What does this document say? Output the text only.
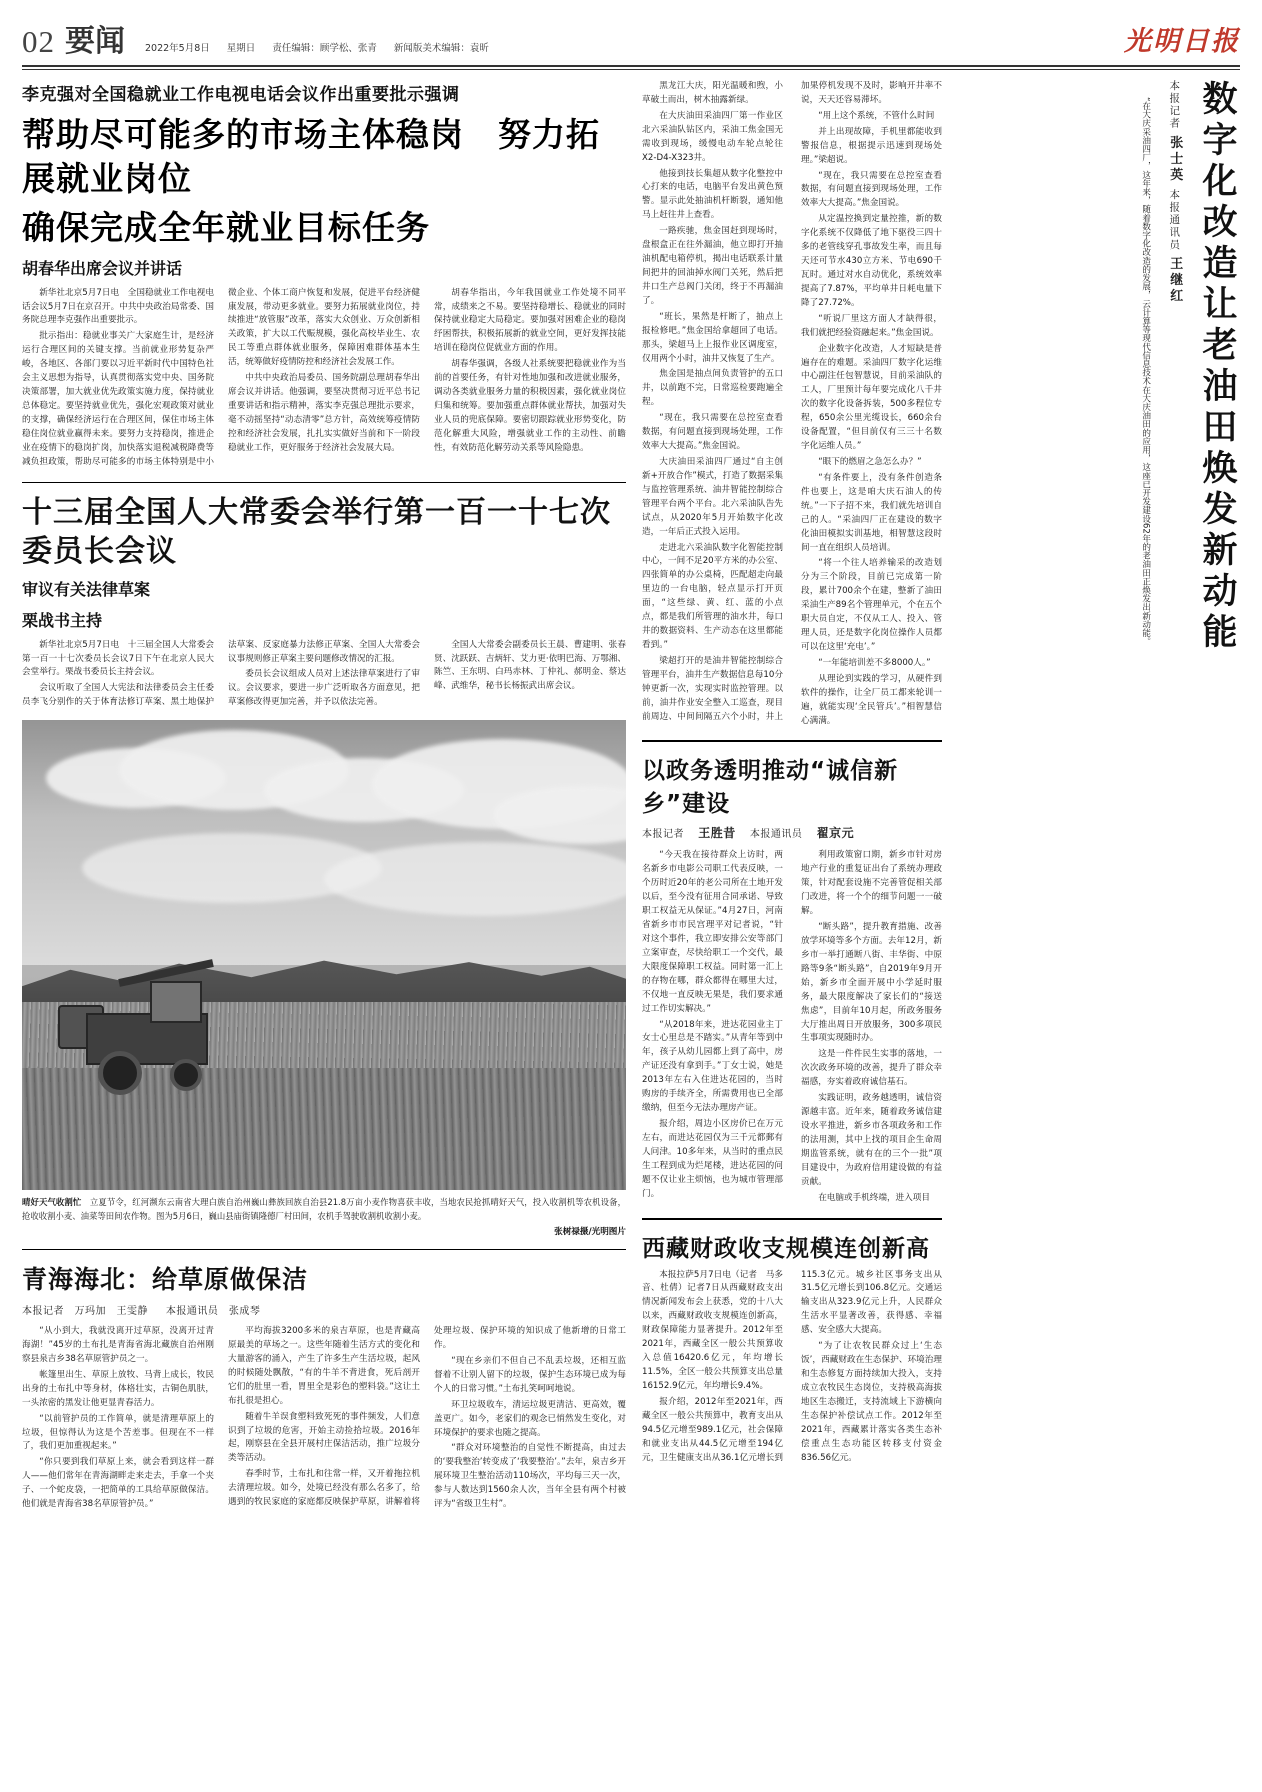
02 要闻 2022年5月8日 星期日 责任编辑：顾学松、张青 新闻版美术编辑：袁昕	光明日报
李克强对全国稳就业工作电视电话会议作出重要批示强调
帮助尽可能多的市场主体稳岗　努力拓展就业岗位
确保完成全年就业目标任务
胡春华出席会议并讲话

新华社北京5月7日电　全国稳就业工作电视电话会议5月7日在京召开。中共中央政治局常委、国务院总理李克强作出重要批示。

批示指出：稳就业事关广大家庭生计，是经济运行合理区间的关键支撑。当前就业形势复杂严峻，各地区、各部门要以习近平新时代中国特色社会主义思想为指导，认真贯彻落实党中央、国务院决策部署，加大就业优先政策实施力度，保持就业总体稳定。要坚持就业优先，强化宏观政策对就业的支撑，确保经济运行在合理区间，保住市场主体稳住岗位就业赢得未来。要努力支持稳岗，推进企业在疫情下的稳岗扩岗，加快落实退税减税降费等减负担政策，帮助尽可能多的市场主体特别是中小微企业、个体工商户恢复和发展，促进平台经济健康发展，带动更多就业。要努力拓展就业岗位，持续推进“放管服”改革，落实大众创业、万众创新相关政策，扩大以工代赈规模，强化高校毕业生、农民工等重点群体就业服务，保障困难群体基本生活，统筹做好疫情防控和经济社会发展工作。

中共中央政治局委员、国务院副总理胡春华出席会议并讲话。他强调，要坚决贯彻习近平总书记重要讲话和指示精神，落实李克强总理批示要求，毫不动摇坚持“动态清零”总方针，高效统筹疫情防控和经济社会发展，扎扎实实做好当前和下一阶段稳就业工作，更好服务于经济社会发展大局。

胡春华指出，今年我国就业工作处境不同平常，成绩来之不易。要坚持稳增长、稳就业的同时保持就业稳定大局稳定。要加强对困难企业的稳岗纾困帮扶，积极拓展新的就业空间，更好发挥技能培训在稳岗位促就业方面的作用。

胡春华强调，各级人社系统要把稳就业作为当前的首要任务，有针对性地加强和改进就业服务，调动各类就业服务力量的积极因素，强化就业岗位归集和统筹。要加强重点群体就业帮扶，加强对失业人员的兜底保障。要密切跟踪就业形势变化，防范化解重大风险，增强就业工作的主动性、前瞻性，有效防范化解劳动关系等风险隐患。

十三届全国人大常委会举行第一百一十七次委员长会议
审议有关法律草案
栗战书主持

新华社北京5月7日电　十三届全国人大常委会第一百一十七次委员长会议7日下午在北京人民大会堂举行。栗战书委员长主持会议。

会议听取了全国人大宪法和法律委员会主任委员李飞分别作的关于体育法修订草案、黑土地保护法草案、反家庭暴力法修正草案、全国人大常委会议事规则修正草案主要问题修改情况的汇报。

委员长会议组成人员对上述法律草案进行了审议。会议要求，要进一步广泛听取各方面意见，把草案修改得更加完善，并予以依法完善。

全国人大常委会副委员长王晨、曹建明、张春贤、沈跃跃、吉炳轩、艾力更·依明巴海、万鄂湘、陈竺、王东明、白玛赤林、丁仲礼、郝明金、蔡达峰、武维华，秘书长杨振武出席会议。

晴好天气收割忙　立夏节令，红河濒东云南省大理白族自治州巍山彝族回族自治县21.8万亩小麦作物喜获丰收，当地农民抢抓晴好天气，投入收割机等农机设备，抢收收割小麦、油菜等田间农作物。图为5月6日，巍山县庙街镇隆德厂村田间，农机手驾驶收割机收割小麦。
张树禄摄/光明图片
青海海北：给草原做保洁
本报记者　万玛加　王雯静 　 本报通讯员　张成琴

“从小到大，我就没离开过草原，没离开过青海湖！”45岁的土布扎是青海省海北藏族自治州刚察县泉吉乡38名草原管护员之一。

帐篷里出生、草原上放牧、马背上成长，牧民出身的土布扎中等身材，体格壮实，古铜色肌肤，一头浓密的黑发让他更显青春活力。

“以前管护员的工作简单，就是清理草原上的垃圾，但惊得认为这是个苦差事。但现在不一样了，我们更加重视起来。”

“你只要到我们草原上来，就会看到这样一群人——他们常年在青海湖畔走来走去，手拿一个夹子、一个蛇皮袋，一把简单的工具给草原做保洁。他们就是青海省38名草原管护员。”

平均海拔3200多米的泉吉草原，也是青藏高原最美的草场之一。这些年随着生活方式的变化和大量游客的涌入，产生了许多生产生活垃圾，起风的时候随处飘散，“有的牛羊不背进食，死后剖开它们的肚里一看，胃里全是彩色的塑料袋。”这让土布扎很是担心。

随着牛羊误食塑料致死死的事件频发，人们意识到了垃圾的危害，开始主动捡拾垃圾。2016年起，刚察县在全县开展村庄保洁活动，推广垃圾分类等活动。

春季时节，土布扎和往常一样，又开着拖拉机去清理垃圾。如今，处境已经没有那么名多了，给遇到的牧民家庭的家庭都反映保护草原，讲解着将处理垃圾、保护环境的知识成了他新增的日常工作。

“现在乡亲们不但自己不乱丢垃圾，还相互监督着不让别人留下的垃圾，保护生态环境已成为每个人的日常习惯。”土布扎笑呵呵地说。

环卫垃圾收车，清运垃圾更清洁、更高效，覆盖更广。如今，老家们的观念已悄然发生变化，对环境保护的要求也随之提高。

“群众对环境整治的自觉性不断提高，由过去的‘要我整治’转变成了‘我要整治’。”去年，泉吉乡开展环境卫生整治活动110场次，平均每三天一次，参与人数达到1560余人次，当年全县有两个村被评为“省级卫生村”。

黑龙江大庆，阳光温暖和煦，小草破土而出，树木抽露新绿。

在大庆油田采油四厂第一作业区北六采油队钻区内，采油工焦金国无需收到现场，缓慢电动车轮点轮往X2-D4-X323井。

他接到技长集超从数字化整控中心打来的电话，电脑平台发出黄色预警。显示此处抽油机杆断裂，通知他马上赶往井上查看。

一路疾驰，焦金国赶到现场时，盘根盒正在往外漏油，他立即打开抽油机配电箱停机，揭出电话联系计量间把井的回油掉水阀门关死，然后把井口生产总阀门关闭，终于不再漏油了。

“班长，果然是杆断了，抽点上报检修吧。”焦金国给拿超回了电话。那头，梁超马上上报作业区调度室，仅用两个小时，油井又恢复了生产。

焦金国是抽点间负责管护的五口井，以前跑不完，日常巡检要跑遍全程。

“现在，我只需要在总控室查看数据，有问题直接到现场处理，工作效率大大提高。”焦金国说。

大庆油田采油四厂通过“自主创新+开放合作”模式，打造了数据采集与监控管理系统、油井智能控制综合管理平台两个平台。北六采油队告先试点，从2020年5月开始数字化改造，一年后正式投入运用。

走进北六采油队数字化智能控制中心，一间不足20平方米的办公室、四张简单的办公桌椅，匹配超走向最里边的一台电脑，轻点显示打开页面，“这些绿、黄、红、蓝的小点点，都是我们所管理的油水井，每口井的数据资料、生产动态在这里都能看到。”

梁超打开的是油井智能控制综合管理平台，油井生产数据信息每10分钟更新一次，实现实时监控管理。以前，油井作业安全整入工巡查，现目前周边、中间间隔五六个小时，井上加果停机发现不及时，影响开井率不说，天天还容易滞坏。

“用上这个系统，不管什么时间

并上出现故障，手机里都能收到警报信息，根据提示迅速到现场处理。”梁超说。

“现在，我只需要在总控室查看数据，有问题直接到现场处理，工作效率大大提高。”焦金国说。

从定温控换到定量控推，新的数字化系统不仅降低了地下驱役三四十多的老管线穿孔事故发生率，而且每天还可节水430立方米、节电690千瓦时。通过对水自动优化，系统效率提高了7.87%，平均单井日耗电量下降了27.72%。

“听说厂里这方面人才缺得很，我们就把经验资融起来。”焦金国说。

企业数字化改造，人才短缺是普遍存在的难题。采油四厂数字化运维中心副注任包智慧说，目前采油队的工人，厂里预计每年要完成化八千井次的数字化设备拆装，500多程位专程，650余公里光缆设长，660余台设备配置，“但目前仅有三三十名数字化运维人员。”

“眼下的燃眉之急怎么办？”

“有条件要上，没有条件创造条件也要上，这是咱大庆石油人的传统。”一下子招不来，我们就先培训自己的人。“采油四厂正在建设的数字化油田模拟实训基地，相智慧这段时间一直在组织人员培训。

“将一个往人培养输采的改造划分为三个阶段，目前已完成第一阶段，累计700余个在建，整新了油田采油生产89名个管理单元，个在五个职大员自定，不仅从工人、投入、管理人员，还是数字化岗位操作人员都可以在这里‘充电’。”

“一年能培训差不多8000人。”

从理论到实践的学习，从硬件到软件的操作，让全厂员工都来轮训一遍，就能实现‘全民管兵’。”相智慧信心满满。

以政务透明推动“诚信新乡”建设
本报记者 　 王胜昔 　 本报通讯员 　 翟京元

“今天我在接待群众上访时，两名新乡市电影公司职工代表反映，一个历时近20年的老公司所在土地开发以后，至今没有征用合同承诺、导致职工权益无从保证。”4月27日，河南省新乡市市民宫理平对记者说，“针对这个事件，我立即安排公安等部门立案审查，尽快给职工一个交代，最大限度保障职工权益。同时第一汇上的存物在哪，群众都得在哪里大过，不仅地一直反映无果是，我们要求通过工作切实解决。”

“从2018年来，进达花园业主丁女士心里总是不踏实。”从青年等到中年，孩子从幼儿园都上到了高中，房产证还没有拿到手。”丁女士说，她是2013年左右入住进达花园的，当时购房的手续齐全，所需费用也已全部缴纳，但至今无法办理房产证。

报介绍，周边小区房价已在万元左右，而进达花园仅为三千元都郵有人问津。10多年来，从当时的重点民生工程到成为烂尾楼，进达花园的问题不仅让业主烦恼，也为城市管理部门。

利用政策窗口期，新乡市针对房地产行业的重复证出台了系统办理政策，针对配套设施不完善管促相关部门改进，将一个个的细节问题一一破解。

“断头路”，提升教育措施、改善放学环境等多个方面。去年12月，新乡市一举打通断八街、丰华街、中原路等9条“断头路”，自2019年9月开始，新乡市全面开展中小学延时服务，最大限度解决了家长们的“接送焦虑”，目前年10月起，所政务服务大厅推出周日开放服务，300多项民生事项实现随时办。

这是一件件民生实事的落地，一次次政务环境的改善，提升了群众幸福感，夯实着政府诚信基石。

实践证明，政务越透明，诚信资源越丰富。近年来，随着政务诚信建设水平推进，新乡市各项政务和工作的法用测，其中上找的项目企生命周期监管系统，就有在的三个一批”项目建设中，为政府信用建设做的有益贡献。

在电脑或手机终端，进入项目

西藏财政收支规模连创新高

本报拉萨5月7日电（记者　马多音、杜倩）记者7日从西藏财政支出情况新闻发布会上获悉，党的十八大以来，西藏财政收支规模连创新高，财政保障能力显著提升。2012年至2021年，西藏全区一般公共预算收入总值16420.6亿元，年均增长11.5%，全区一般公共预算支出总量16152.9亿元，年均增长9.4%。

报介绍，2012年至2021年，西藏全区一般公共预算中，教育支出从94.5亿元增至989.1亿元，社会保障和就业支出从44.5亿元增至194亿元，卫生健康支出从36.1亿元增长到115.3亿元。城乡社区事务支出从31.5亿元增长到106.8亿元。交通运输支出从323.9亿元上升，人民群众生活水平显著改善，获得感、幸福感、安全感大大提高。

“为了让农牧民群众过上‘生态饭’，西藏财政在生态保护、环境治理和生态修复方面持续加大投入，支持成立农牧民生态岗位，支持极高海拔地区生态搬迁，支持流域上下游横向生态保护补偿试点工作。2012年至2021年，西藏累计落实各类生态补偿重点生态功能区转移支付资金836.56亿元。

数字化改造让老油田焕发新动能
本报记者 张士英 本报通讯员 王继红

“在大庆采油四厂，这年来，随着数字化改造的发展，云计算等现代信息技术在大庆油田的应用，这座已开发建设62年的老油田正焕发出新动能。
